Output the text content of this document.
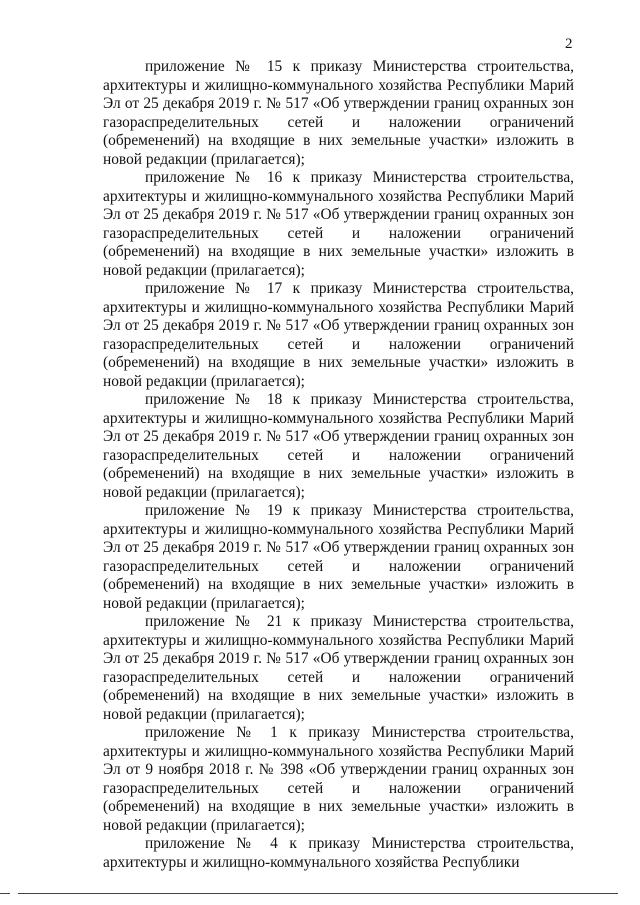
2

приложение № 15 к приказу Министерства строительства, архитектуры и жилищно-коммунального хозяйства Республики Марий Эл от 25 декабря 2019 г. № 517 «Об утверждении границ охранных зон газораспределительных сетей и наложении ограничений (обременений) на входящие в них земельные участки» изложить в новой редакции (прилагается);

приложение № 16 к приказу Министерства строительства, архитектуры и жилищно-коммунального хозяйства Республики Марий Эл от 25 декабря 2019 г. № 517 «Об утверждении границ охранных зон газораспределительных сетей и наложении ограничений (обременений) на входящие в них земельные участки» изложить в новой редакции (прилагается);

приложение № 17 к приказу Министерства строительства, архитектуры и жилищно-коммунального хозяйства Республики Марий Эл от 25 декабря 2019 г. № 517 «Об утверждении границ охранных зон газораспределительных сетей и наложении ограничений (обременений) на входящие в них земельные участки» изложить в новой редакции (прилагается);

приложение № 18 к приказу Министерства строительства, архитектуры и жилищно-коммунального хозяйства Республики Марий Эл от 25 декабря 2019 г. № 517 «Об утверждении границ охранных зон газораспределительных сетей и наложении ограничений (обременений) на входящие в них земельные участки» изложить в новой редакции (прилагается);

приложение № 19 к приказу Министерства строительства, архитектуры и жилищно-коммунального хозяйства Республики Марий Эл от 25 декабря 2019 г. № 517 «Об утверждении границ охранных зон газораспределительных сетей и наложении ограничений (обременений) на входящие в них земельные участки» изложить в новой редакции (прилагается);

приложение № 21 к приказу Министерства строительства, архитектуры и жилищно-коммунального хозяйства Республики Марий Эл от 25 декабря 2019 г. № 517 «Об утверждении границ охранных зон газораспределительных сетей и наложении ограничений (обременений) на входящие в них земельные участки» изложить в новой редакции (прилагается);

приложение № 1 к приказу Министерства строительства, архитектуры и жилищно-коммунального хозяйства Республики Марий Эл от 9 ноября 2018 г. № 398 «Об утверждении границ охранных зон газораспределительных сетей и наложении ограничений (обременений) на входящие в них земельные участки» изложить в новой редакции (прилагается);

приложение № 4 к приказу Министерства строительства, архитектуры и жилищно-коммунального хозяйства Республики
